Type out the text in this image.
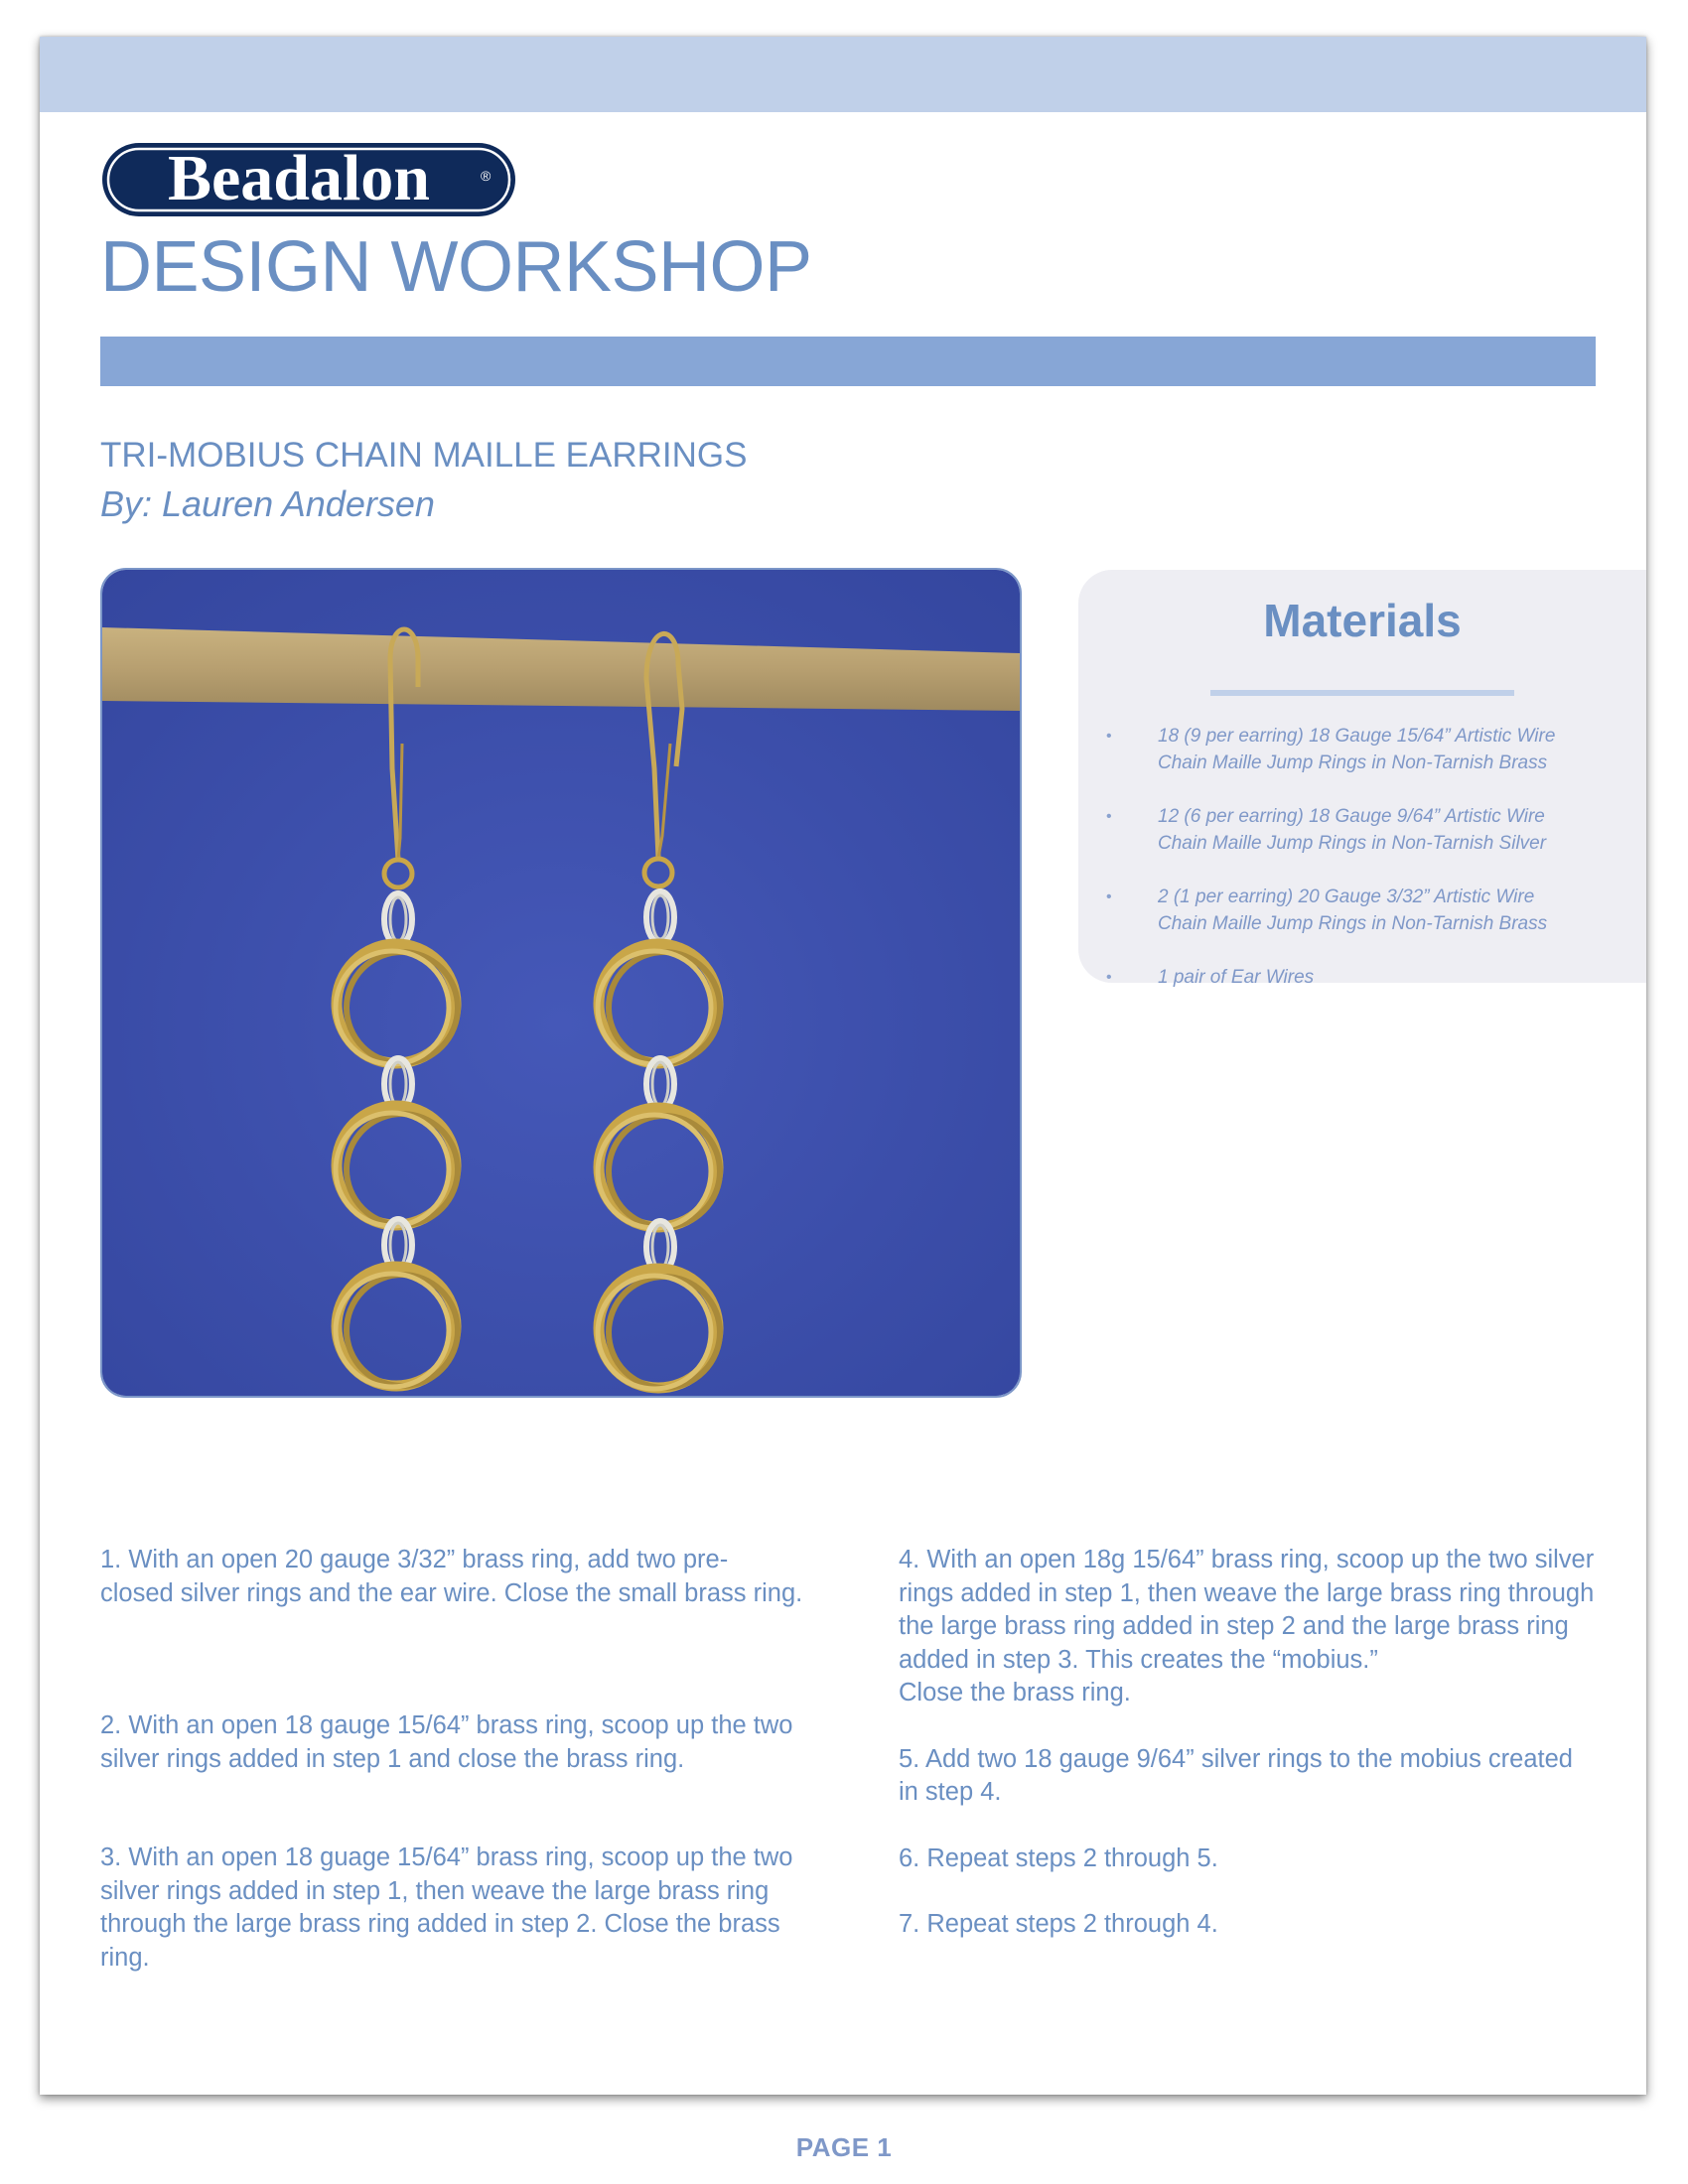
Beadalon	®
DESIGN WORKSHOP
TRI-MOBIUS CHAIN MAILLE EARRINGS
By: Lauren Andersen
Materials
• 18 (9 per earring) 18 Gauge 15/64” Artistic Wire
Chain Maille Jump Rings in Non-Tarnish Brass
• 12 (6 per earring) 18 Gauge 9/64” Artistic Wire
Chain Maille Jump Rings in Non-Tarnish Silver
• 2 (1 per earring) 20 Gauge 3/32” Artistic Wire
Chain Maille Jump Rings in Non-Tarnish Brass
• 1 pair of Ear Wires
1. With an open 20 gauge 3/32” brass ring, add two pre-
closed silver rings and the ear wire. Close the small brass ring.
2. With an open 18 gauge 15/64” brass ring, scoop up the two
silver rings added in step 1 and close the brass ring.
3. With an open 18 guage 15/64” brass ring, scoop up the two
silver rings added in step 1, then weave the large brass ring
through the large brass ring added in step 2. Close the brass
ring.
4. With an open 18g 15/64” brass ring, scoop up the two silver
rings added in step 1, then weave the large brass ring through
the large brass ring added in step 2 and the large brass ring
added in step 3. This creates the “mobius.”
Close the brass ring.
5. Add two 18 gauge 9/64” silver rings to the mobius created
in step 4.
6. Repeat steps 2 through 5.
7. Repeat steps 2 through 4.
PAGE 1
